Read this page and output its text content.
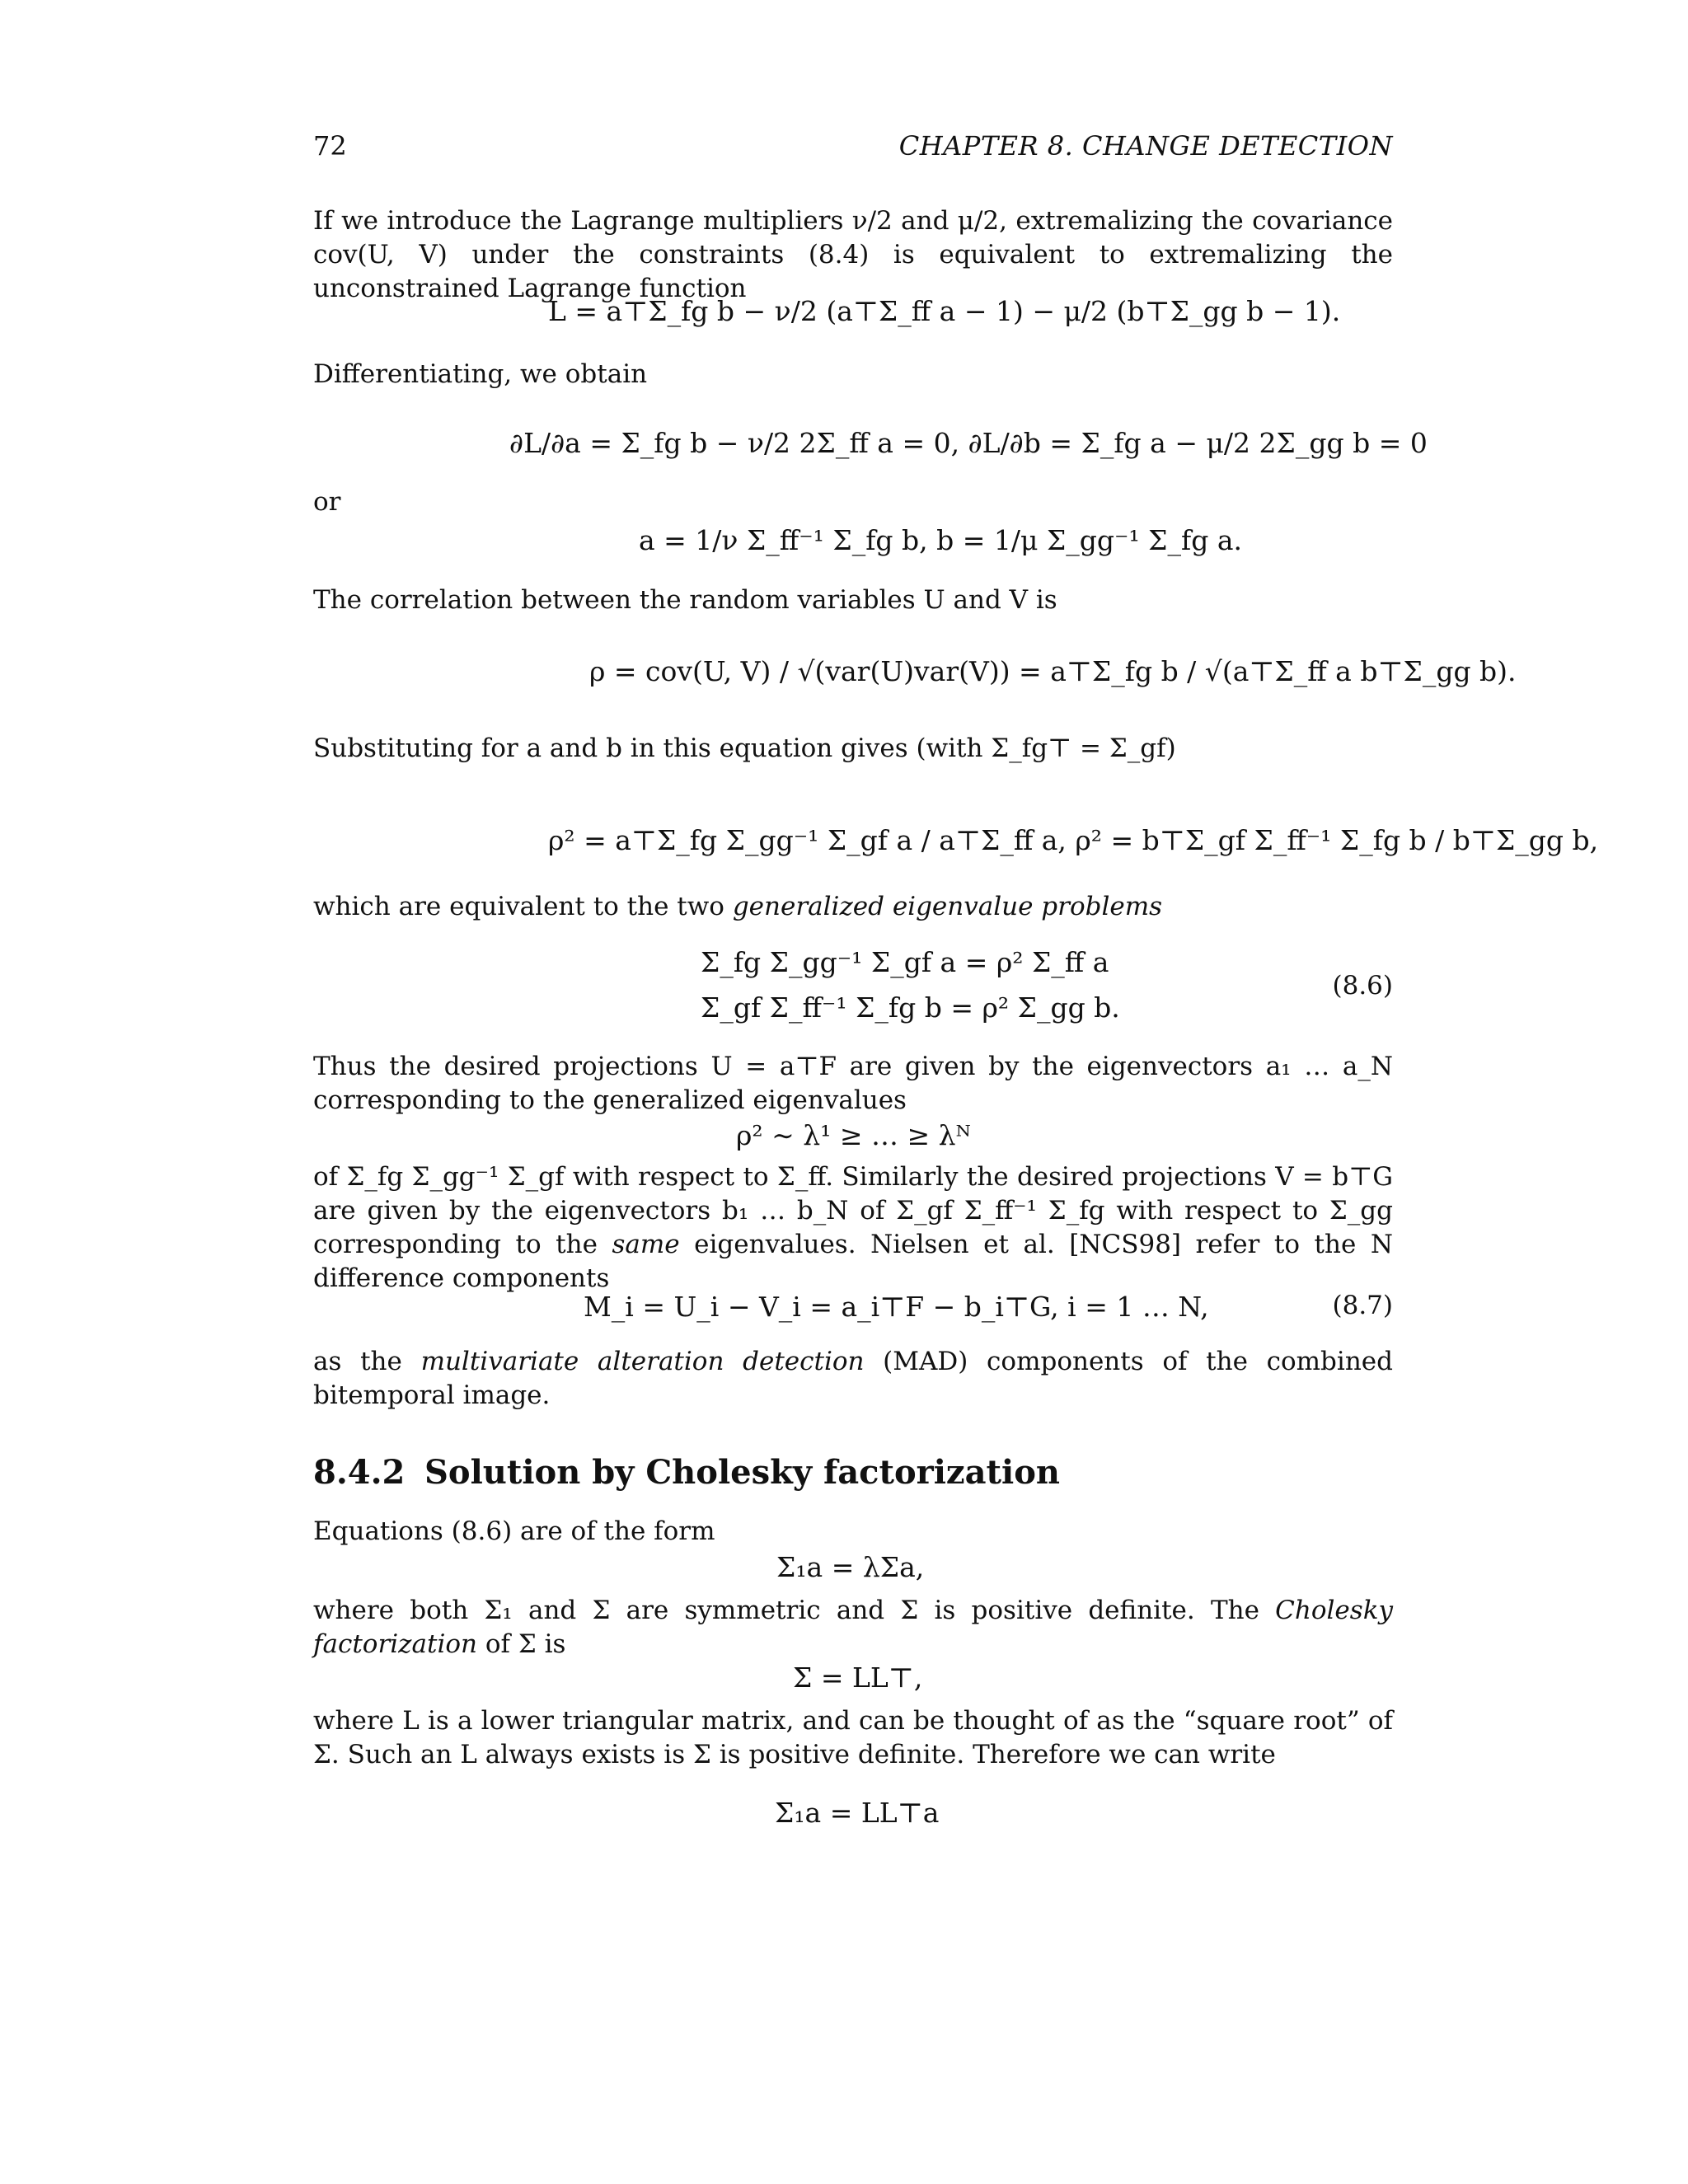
72	CHAPTER 8. CHANGE DETECTION
If we introduce the Lagrange multipliers ν/2 and μ/2, extremalizing the covariance cov(U, V) under the constraints (8.4) is equivalent to extremalizing the unconstrained Lagrange function
L = a⊤Σ_fg b − ν/2 (a⊤Σ_ff a − 1) − μ/2 (b⊤Σ_gg b − 1).
Differentiating, we obtain
∂L/∂a = Σ_fg b − ν/2 2Σ_ff a = 0, ∂L/∂b = Σ_fg a − μ/2 2Σ_gg b = 0
or
a = 1/ν Σ_ff⁻¹ Σ_fg b, b = 1/μ Σ_gg⁻¹ Σ_fg a.
The correlation between the random variables U and V is
ρ = cov(U, V) / √(var(U)var(V)) = a⊤Σ_fg b / √(a⊤Σ_ff a b⊤Σ_gg b).
Substituting for a and b in this equation gives (with Σ_fg⊤ = Σ_gf)
ρ² = a⊤Σ_fg Σ_gg⁻¹ Σ_gf a / a⊤Σ_ff a, ρ² = b⊤Σ_gf Σ_ff⁻¹ Σ_fg b / b⊤Σ_gg b,
which are equivalent to the two generalized eigenvalue problems
Σ_fg Σ_gg⁻¹ Σ_gf a = ρ² Σ_ff a
Σ_gf Σ_ff⁻¹ Σ_fg b = ρ² Σ_gg b.
(8.6)
Thus the desired projections U = a⊤F are given by the eigenvectors a₁ … a_N corresponding to the generalized eigenvalues
ρ² ∼ λ¹ ≥ … ≥ λᴺ
of Σ_fg Σ_gg⁻¹ Σ_gf with respect to Σ_ff. Similarly the desired projections V = b⊤G are given by the eigenvectors b₁ … b_N of Σ_gf Σ_ff⁻¹ Σ_fg with respect to Σ_gg corresponding to the same eigenvalues. Nielsen et al. [NCS98] refer to the N difference components
M_i = U_i − V_i = a_i⊤F − b_i⊤G, i = 1 … N,	(8.7)
as the multivariate alteration detection (MAD) components of the combined bitemporal image.
8.4.2 Solution by Cholesky factorization
Equations (8.6) are of the form
Σ₁a = λΣa,
where both Σ₁ and Σ are symmetric and Σ is positive definite. The Cholesky factorization of Σ is
Σ = LL⊤,
where L is a lower triangular matrix, and can be thought of as the “square root” of Σ. Such an L always exists is Σ is positive definite. Therefore we can write
Σ₁a = LL⊤a
